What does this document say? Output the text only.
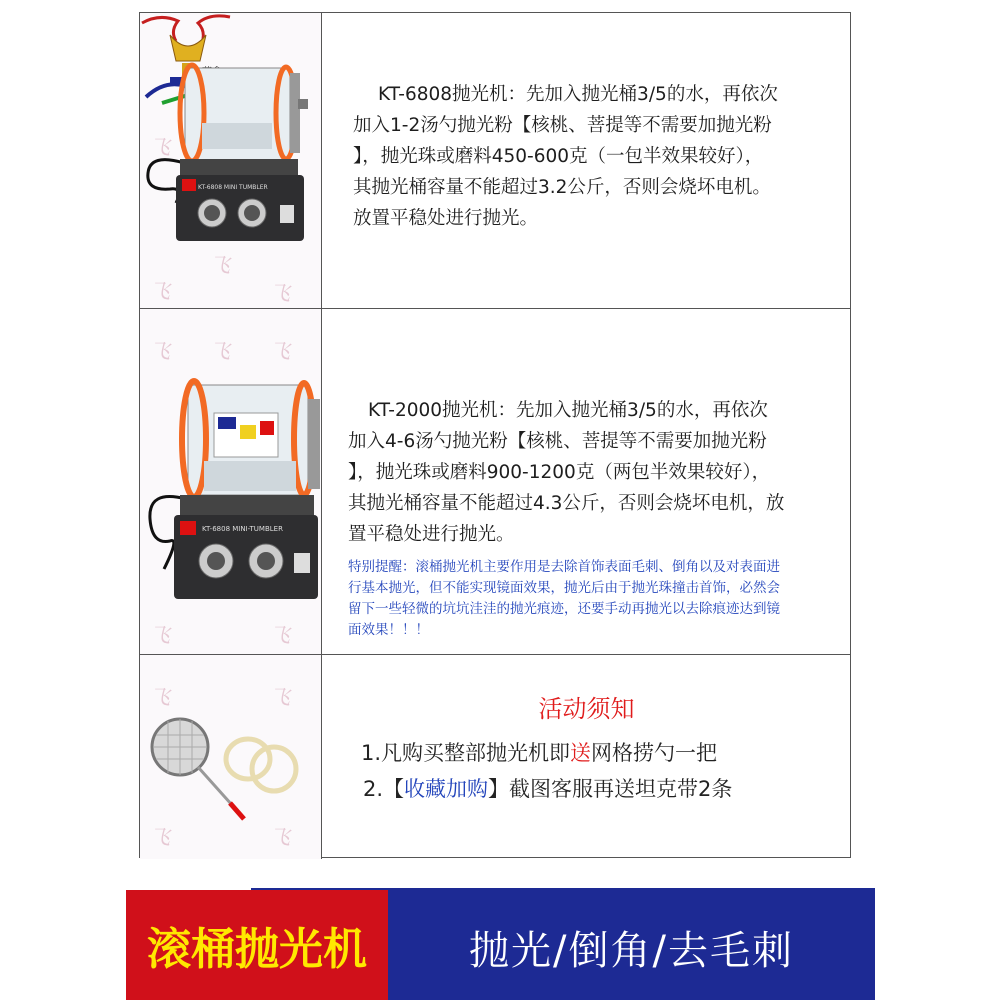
飞
飞
飞
飞
KT-6808 MINI TUMBLER
KT-6808抛光机：先加入抛光桶3/5的水，再依次
加入1-2汤勺抛光粉【核桃、菩提等不需要加抛光粉
】，抛光珠或磨料450-600克（一包半效果较好），
其抛光桶容量不能超过3.2公斤，否则会烧坏电机。
放置平稳处进行抛光。
飞 飞 飞
飞	飞
KT-6808 MINI-TUMBLER
KT-2000抛光机：先加入抛光桶3/5的水，再依次
加入4-6汤勺抛光粉【核桃、菩提等不需要加抛光粉
】，抛光珠或磨料900-1200克（两包半效果较好），
其抛光桶容量不能超过4.3公斤，否则会烧坏电机，放
置平稳处进行抛光。
特别提醒：滚桶抛光机主要作用是去除首饰表面毛刺、倒角以及对表面进
行基本抛光，但不能实现镜面效果，抛光后由于抛光珠撞击首饰，必然会
留下一些轻微的坑坑洼洼的抛光痕迹，还要手动再抛光以去除痕迹达到镜
面效果！！！
飞	飞
飞	飞
活动须知
1.凡购买整部抛光机即送网格捞勺一把
2.【收藏加购】截图客服再送坦克带2条
抛光/倒角/去毛刺
滚桶抛光机
